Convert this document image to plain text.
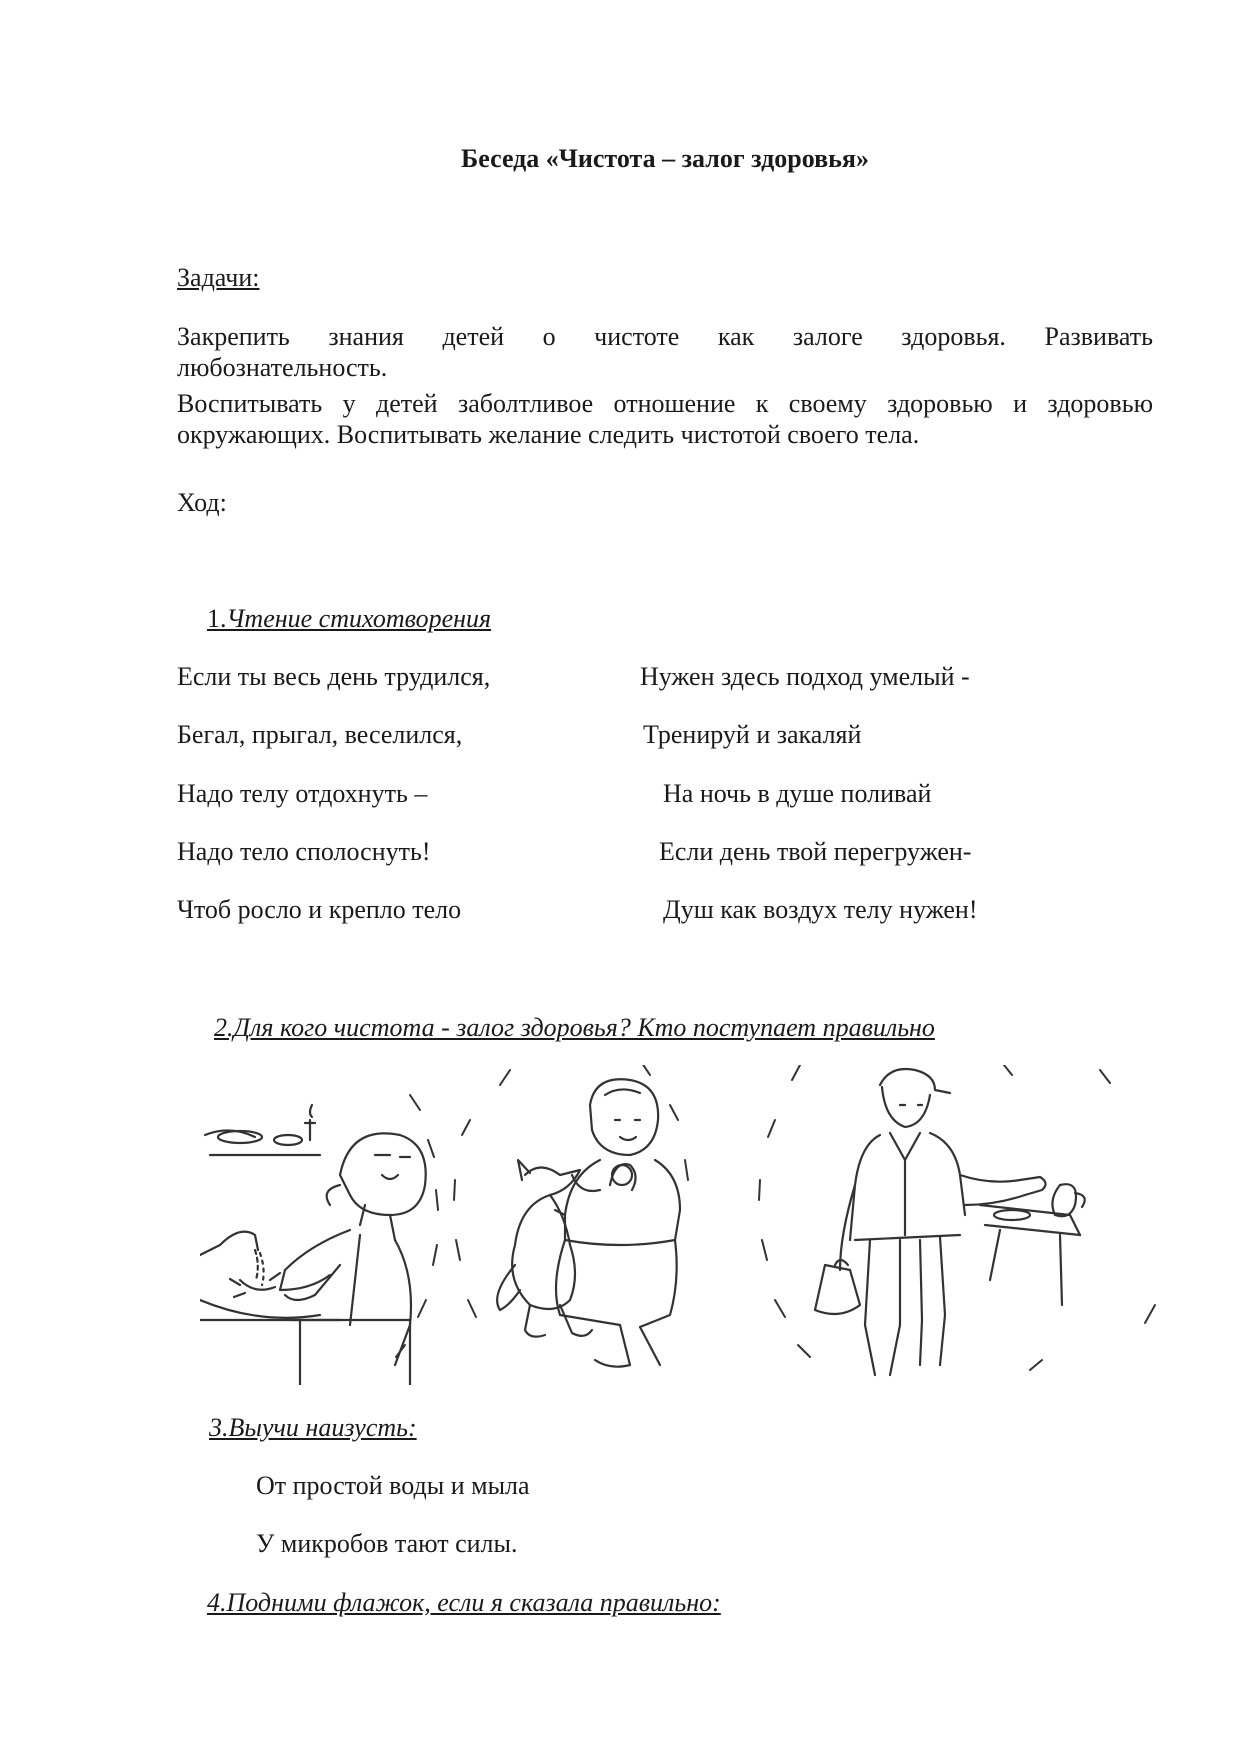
Беседа «Чистота – залог здоровья»
Задачи:
Закрепить знания детей о чистоте как залоге здоровья. Развивать
любознательность.
Воспитывать у детей заболтливое отношение к своему здоровью и здоровью
окружающих. Воспитывать желание следить чистотой своего тела.
Ход:
1.Чтение стихотворения
Если ты весь день трудился,
Бегал, прыгал, веселился,
Надо телу отдохнуть –
Надо тело сполоснуть!
Чтоб росло и крепло тело
Нужен здесь подход умелый -
Тренируй и закаляй
На ночь в душе поливай
Если день твой перегружен-
Душ как воздух телу нужен!
2.Для кого чистота - залог здоровья? Кто поступает правильно
3.Выучи наизусть:
От простой воды и мыла
У микробов тают силы.
4.Подними флажок, если я сказала правильно:
